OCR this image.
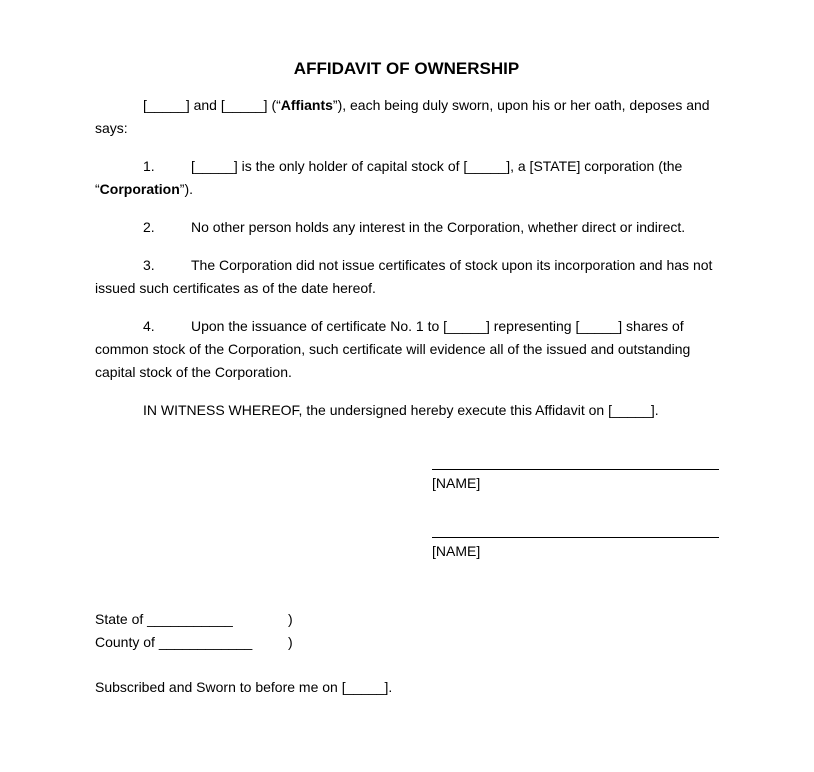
AFFIDAVIT OF OWNERSHIP

[_____] and [_____] (“Affiants”), each being duly sworn, upon his or her oath, deposes and says:

1.	[_____] is the only holder of capital stock of [_____], a [STATE] corporation (the “Corporation”).

2.	No other person holds any interest in the Corporation, whether direct or indirect.

3.	The Corporation did not issue certificates of stock upon its incorporation and has not issued such certificates as of the date hereof.

4.	Upon the issuance of certificate No. 1 to [_____] representing [_____] shares of common stock of the Corporation, such certificate will evidence all of the issued and outstanding capital stock of the Corporation.

IN WITNESS WHEREOF, the undersigned hereby execute this Affidavit on [_____].

[NAME]
[NAME]
State of ___________	)
County of ____________	)

Subscribed and Sworn to before me on [_____].
